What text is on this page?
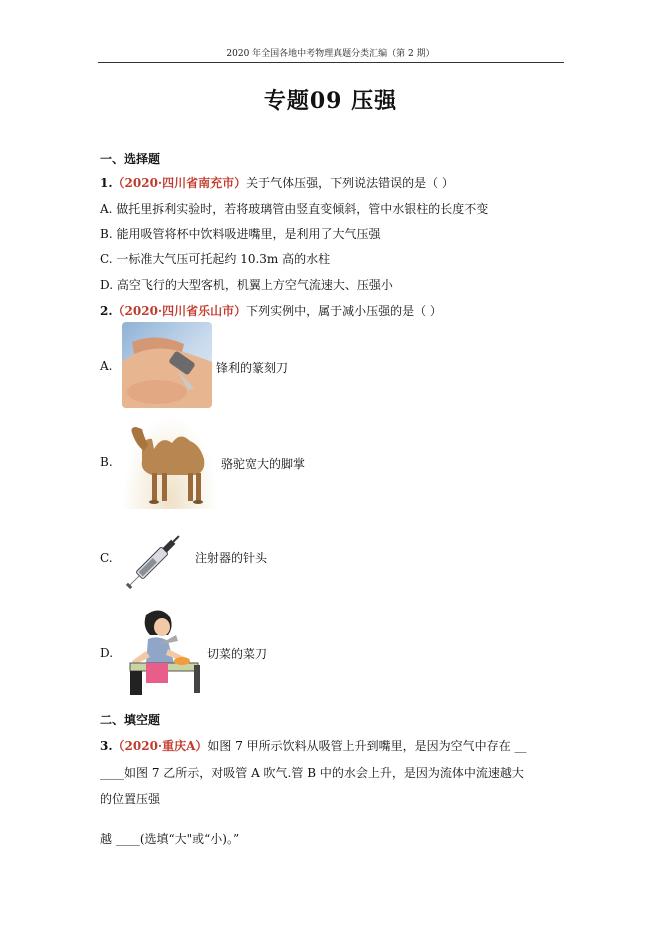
2020 年全国各地中考物理真题分类汇编（第 2 期）
专题09 压强
一、选择题
1.（2020·四川省南充市）关于气体压强，下列说法错误的是（ ）
A. 做托里拆利实验时，若将玻璃管由竖直变倾斜，管中水银柱的长度不变
B. 能用吸管将杯中饮料吸进嘴里，是利用了大气压强
C. 一标准大气压可托起约 10.3m 高的水柱
D. 高空飞行的大型客机，机翼上方空气流速大、压强小
2.（2020·四川省乐山市）下列实例中，属于减小压强的是（ ）
A.	锋利的篆刻刀
B.	骆驼宽大的脚掌
C.	注射器的针头
D.	切菜的菜刀
二、填空题
3.（2020·重庆A）如图 7 甲所示饮料从吸管上升到嘴里，是因为空气中存在 __
____如图 7 乙所示，对吸管 A 吹气.管 B 中的水会上升，是因为流体中流速越大
的位置压强
越 ____(选填“大"或“小)。”
